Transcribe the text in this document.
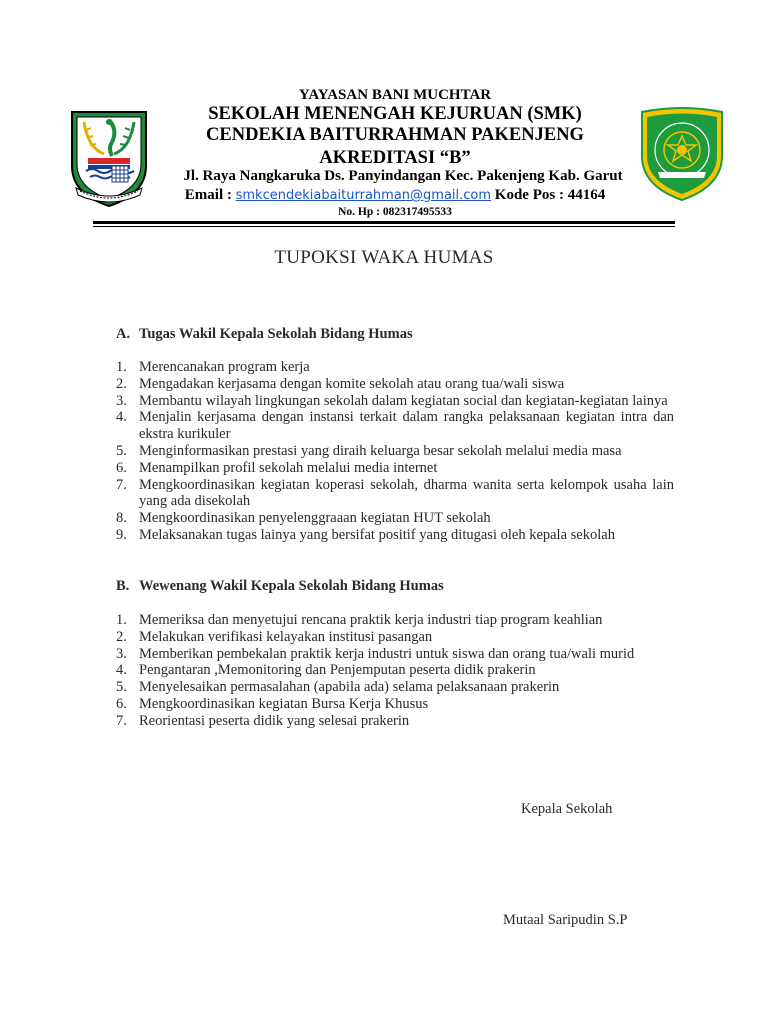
YAYASAN BANI MUCHTAR
SEKOLAH MENENGAH KEJURUAN (SMK)
CENDEKIA BAITURRAHMAN PAKENJENG
AKREDITASI “B”
Jl. Raya Nangkaruka Ds. Panyindangan Kec. Pakenjeng Kab. Garut
Email : smkcendekiabaiturrahman@gmail.com Kode Pos : 44164
No. Hp : 082317495533
TUPOKSI WAKA HUMAS
A. Tugas Wakil Kepala Sekolah Bidang Humas
1. Merencanakan program kerja
2. Mengadakan kerjasama dengan komite sekolah atau orang tua/wali siswa
3. Membantu wilayah lingkungan sekolah dalam kegiatan social dan kegiatan-kegiatan lainya
4. Menjalin kerjasama dengan instansi terkait dalam rangka pelaksanaan kegiatan intra dan ekstra kurikuler
5. Menginformasikan prestasi yang diraih keluarga besar sekolah melalui media masa
6. Menampilkan profil sekolah melalui media internet
7. Mengkoordinasikan kegiatan koperasi sekolah, dharma wanita serta kelompok usaha lain yang ada disekolah
8. Mengkoordinasikan penyelenggraaan kegiatan HUT sekolah
9. Melaksanakan tugas lainya yang bersifat positif yang ditugasi oleh kepala sekolah
B. Wewenang Wakil Kepala Sekolah Bidang Humas
1. Memeriksa dan menyetujui rencana praktik kerja industri tiap program keahlian
2. Melakukan verifikasi kelayakan institusi pasangan
3. Memberikan pembekalan praktik kerja industri untuk siswa dan orang tua/wali murid
4. Pengantaran ,Memonitoring dan Penjemputan peserta didik prakerin
5. Menyelesaikan permasalahan (apabila ada) selama pelaksanaan prakerin
6. Mengkoordinasikan kegiatan Bursa Kerja Khusus
7. Reorientasi peserta didik yang selesai prakerin
Kepala Sekolah
Mutaal Saripudin S.P
